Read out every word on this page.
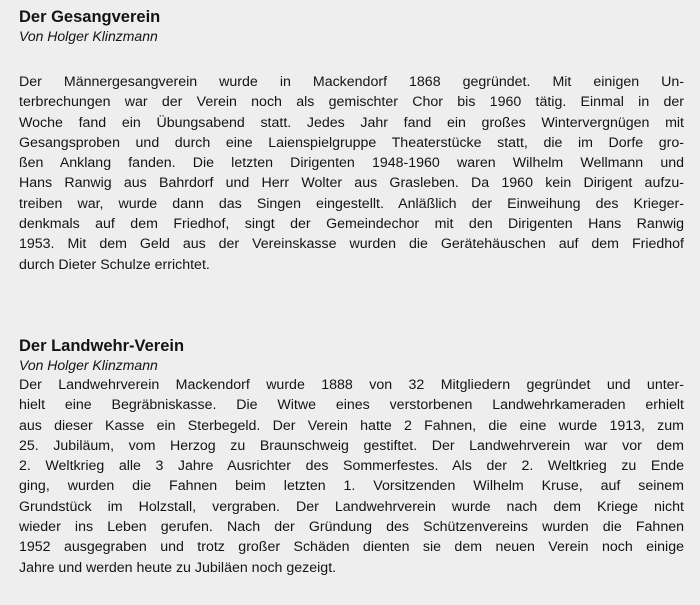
Der Gesangverein

Von Holger Klinzmann

Der Männergesangverein wurde in Mackendorf 1868 gegründet. Mit einigen Un-
terbrechungen war der Verein noch als gemischter Chor bis 1960 tätig. Einmal in der
Woche fand ein Übungsabend statt. Jedes Jahr fand ein großes Wintervergnügen mit
Gesangsproben und durch eine Laienspielgruppe Theaterstücke statt, die im Dorfe gro-
ßen Anklang fanden. Die letzten Dirigenten 1948-1960 waren Wilhelm Wellmann und
Hans Ranwig aus Bahrdorf und Herr Wolter aus Grasleben. Da 1960 kein Dirigent aufzu-
treiben war, wurde dann das Singen eingestellt. Anläßlich der Einweihung des Krieger-
denkmals auf dem Friedhof, singt der Gemeindechor mit den Dirigenten Hans Ranwig
1953. Mit dem Geld aus der Vereinskasse wurden die Gerätehäuschen auf dem Friedhof
durch Dieter Schulze errichtet.
Der Landwehr-Verein

Von Holger Klinzmann

Der Landwehrverein Mackendorf wurde 1888 von 32 Mitgliedern gegründet und unter-
hielt eine Begräbniskasse. Die Witwe eines verstorbenen Landwehrkameraden erhielt
aus dieser Kasse ein Sterbegeld. Der Verein hatte 2 Fahnen, die eine wurde 1913, zum
25. Jubiläum, vom Herzog zu Braunschweig gestiftet. Der Landwehrverein war vor dem
2. Weltkrieg alle 3 Jahre Ausrichter des Sommerfestes. Als der 2. Weltkrieg zu Ende
ging, wurden die Fahnen beim letzten 1. Vorsitzenden Wilhelm Kruse, auf seinem
Grundstück im Holzstall, vergraben. Der Landwehrverein wurde nach dem Kriege nicht
wieder ins Leben gerufen. Nach der Gründung des Schützenvereins wurden die Fahnen
1952 ausgegraben und trotz großer Schäden dienten sie dem neuen Verein noch einige
Jahre und werden heute zu Jubiläen noch gezeigt.
